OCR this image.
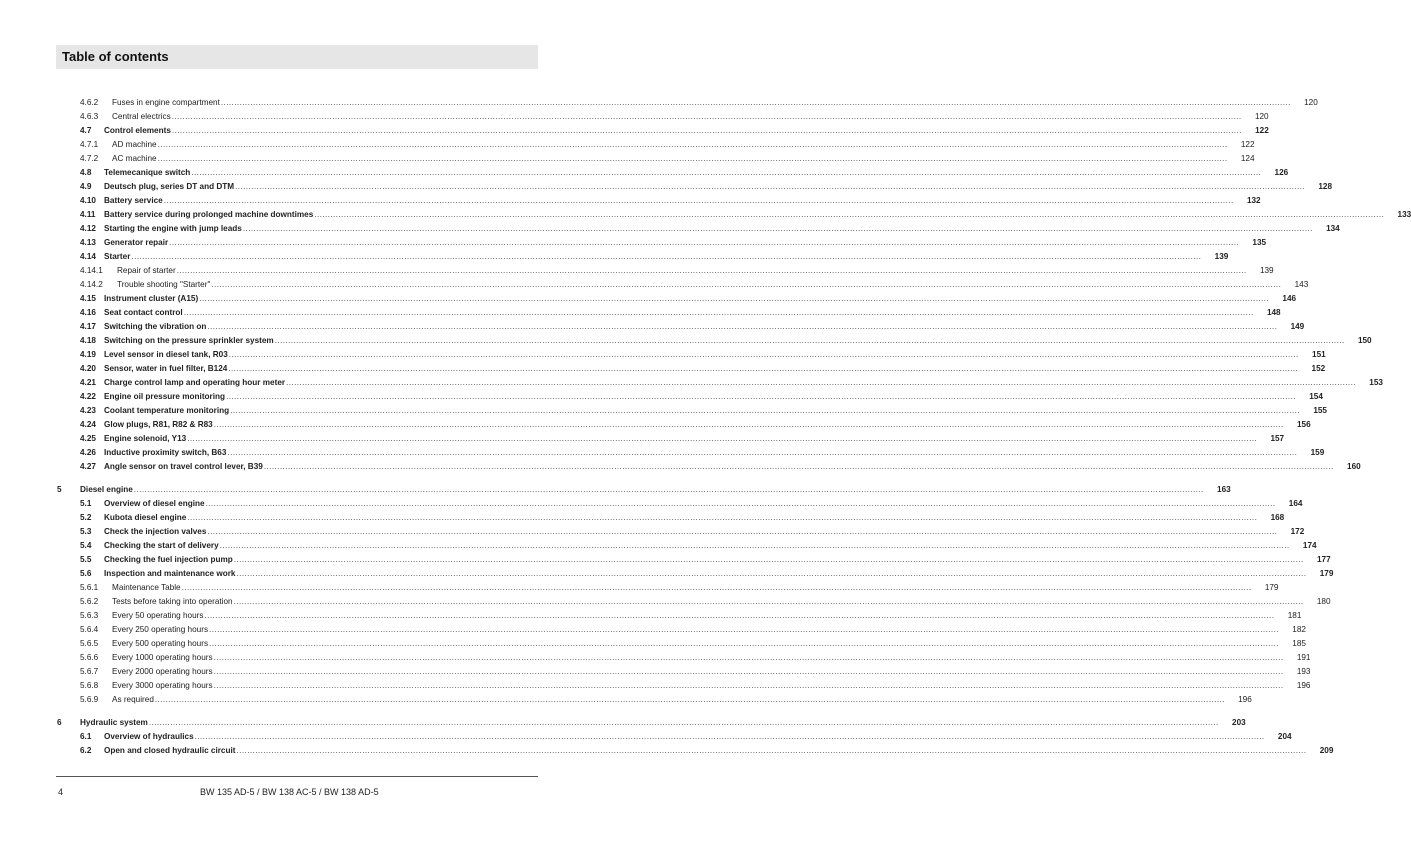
Table of contents
4.6.2	Fuses in engine compartment ................................................................................................................................................................................................................................................................................................................................................................................................................	120
4.6.3	Central electrics ................................................................................................................................................................................................................................................................................................................................................................................................................	120
4.7	Control elements ................................................................................................................................................................................................................................................................................................................................................................................................................	122
4.7.1	AD machine ................................................................................................................................................................................................................................................................................................................................................................................................................	122
4.7.2	AC machine ................................................................................................................................................................................................................................................................................................................................................................................................................	124
4.8	Telemecanique switch ................................................................................................................................................................................................................................................................................................................................................................................................................	126
4.9	Deutsch plug, series DT and DTM ................................................................................................................................................................................................................................................................................................................................................................................................................	128
4.10 Battery service ................................................................................................................................................................................................................................................................................................................................................................................................................	132
4.11	Battery service during prolonged machine downtimes ................................................................................................................................................................................................................................................................................................................................................................................................................	133
4.12 Starting the engine with jump leads ................................................................................................................................................................................................................................................................................................................................................................................................................	134
4.13 Generator repair ................................................................................................................................................................................................................................................................................................................................................................................................................	135
4.14 Starter ................................................................................................................................................................................................................................................................................................................................................................................................................	139
4.14.1	Repair of starter ................................................................................................................................................................................................................................................................................................................................................................................................................	139
4.14.2	Trouble shooting "Starter" ................................................................................................................................................................................................................................................................................................................................................................................................................	143
4.15 Instrument cluster (A15) ................................................................................................................................................................................................................................................................................................................................................................................................................	146
4.16 Seat contact control ................................................................................................................................................................................................................................................................................................................................................................................................................	148
4.17 Switching the vibration on ................................................................................................................................................................................................................................................................................................................................................................................................................	149
4.18 Switching on the pressure sprinkler system ................................................................................................................................................................................................................................................................................................................................................................................................................	150
4.19 Level sensor in diesel tank, R03 ................................................................................................................................................................................................................................................................................................................................................................................................................	151
4.20 Sensor, water in fuel filter, B124 ................................................................................................................................................................................................................................................................................................................................................................................................................	152
4.21 Charge control lamp and operating hour meter ................................................................................................................................................................................................................................................................................................................................................................................................................	153
4.22 Engine oil pressure monitoring ................................................................................................................................................................................................................................................................................................................................................................................................................	154
4.23 Coolant temperature monitoring ................................................................................................................................................................................................................................................................................................................................................................................................................	155
4.24 Glow plugs, R81, R82 & R83 ................................................................................................................................................................................................................................................................................................................................................................................................................	156
4.25 Engine solenoid, Y13 ................................................................................................................................................................................................................................................................................................................................................................................................................	157
4.26 Inductive proximity switch, B63 ................................................................................................................................................................................................................................................................................................................................................................................................................	159
4.27 Angle sensor on travel control lever, B39 ................................................................................................................................................................................................................................................................................................................................................................................................................	160
5	Diesel engine ................................................................................................................................................................................................................................................................................................................................................................................................................	163
5.1	Overview of diesel engine ................................................................................................................................................................................................................................................................................................................................................................................................................	164
5.2	Kubota diesel engine ................................................................................................................................................................................................................................................................................................................................................................................................................	168
5.3	Check the injection valves ................................................................................................................................................................................................................................................................................................................................................................................................................	172
5.4	Checking the start of delivery ................................................................................................................................................................................................................................................................................................................................................................................................................	174
5.5	Checking the fuel injection pump ................................................................................................................................................................................................................................................................................................................................................................................................................	177
5.6	Inspection and maintenance work ................................................................................................................................................................................................................................................................................................................................................................................................................	179
5.6.1	Maintenance Table ................................................................................................................................................................................................................................................................................................................................................................................................................	179
5.6.2	Tests before taking into operation ................................................................................................................................................................................................................................................................................................................................................................................................................	180
5.6.3	Every 50 operating hours ................................................................................................................................................................................................................................................................................................................................................................................................................	181
5.6.4	Every 250 operating hours ................................................................................................................................................................................................................................................................................................................................................................................................................	182
5.6.5	Every 500 operating hours ................................................................................................................................................................................................................................................................................................................................................................................................................	185
5.6.6	Every 1000 operating hours ................................................................................................................................................................................................................................................................................................................................................................................................................	191
5.6.7	Every 2000 operating hours ................................................................................................................................................................................................................................................................................................................................................................................................................	193
5.6.8	Every 3000 operating hours ................................................................................................................................................................................................................................................................................................................................................................................................................	196
5.6.9	As required ................................................................................................................................................................................................................................................................................................................................................................................................................	196
6	Hydraulic system ................................................................................................................................................................................................................................................................................................................................................................................................................	203
6.1	Overview of hydraulics ................................................................................................................................................................................................................................................................................................................................................................................................................	204
6.2	Open and closed hydraulic circuit ................................................................................................................................................................................................................................................................................................................................................................................................................	209
4	BW 135 AD-5 / BW 138 AC-5 / BW 138 AD-5
